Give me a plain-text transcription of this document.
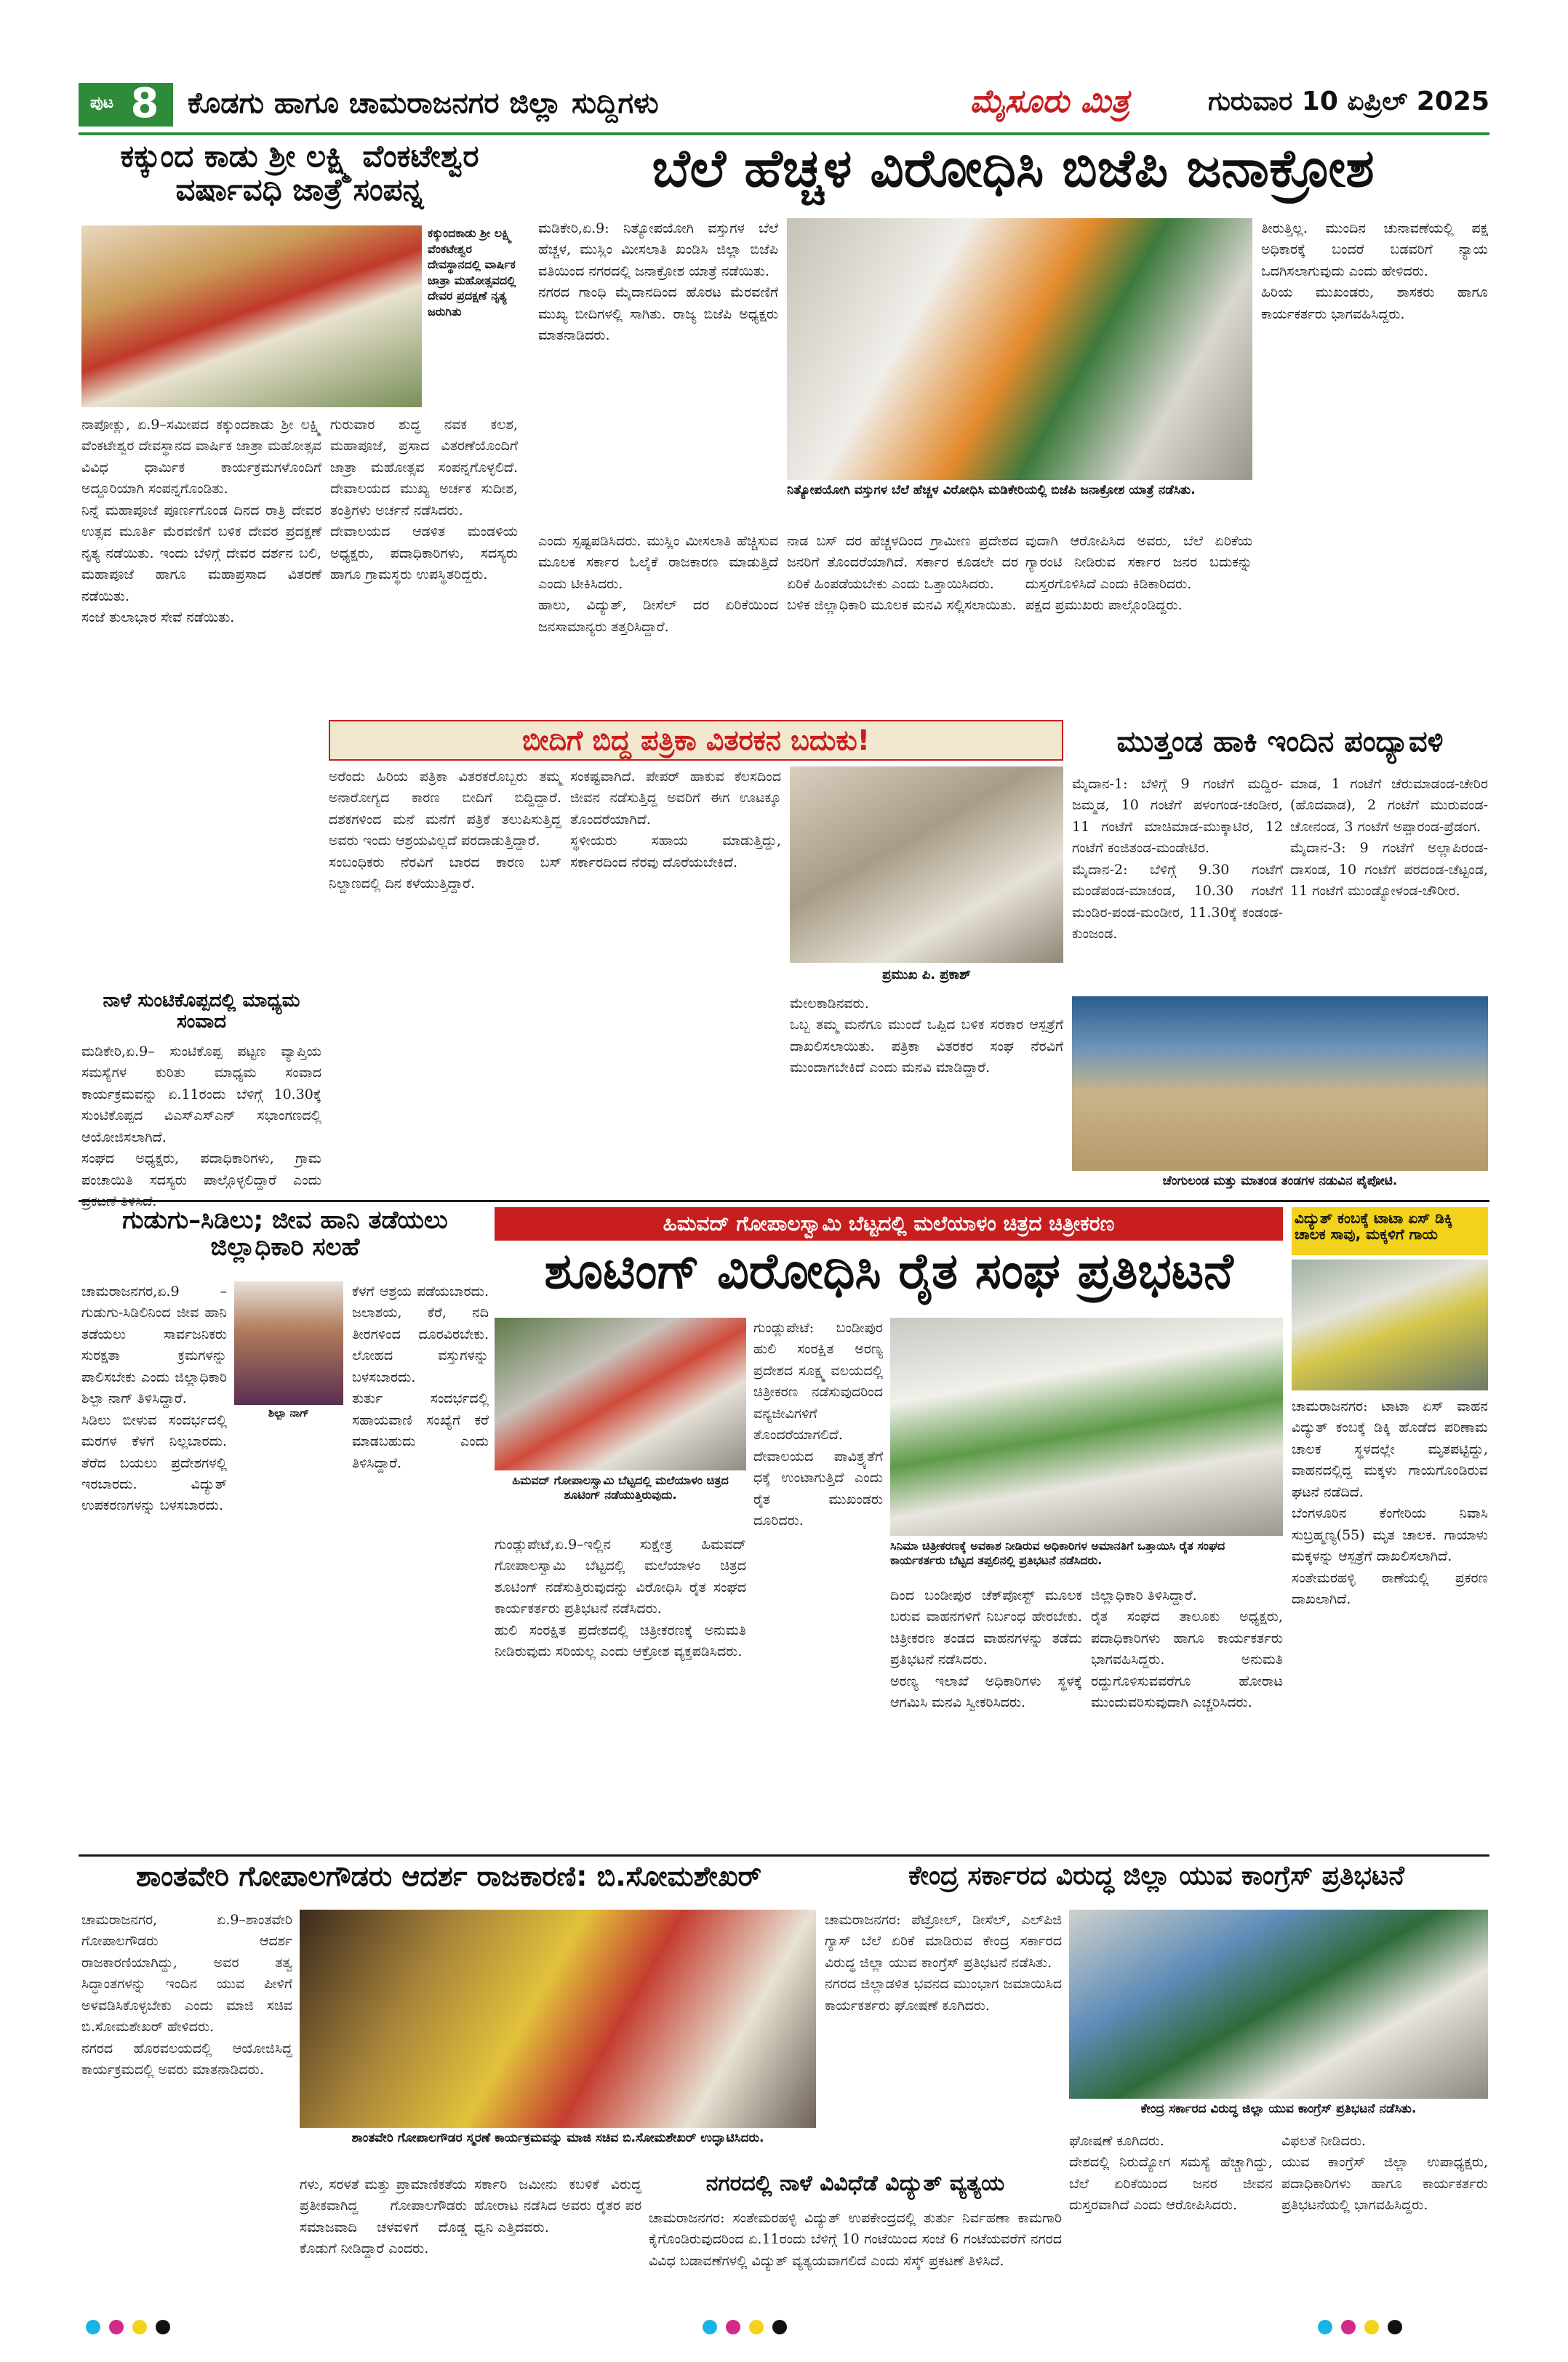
ಪುಟ 8 ಕೊಡಗು ಹಾಗೂ ಚಾಮರಾಜನಗರ ಜಿಲ್ಲಾ ಸುದ್ದಿಗಳು	ಮೈಸೂರು ಮಿತ್ರ	ಗುರುವಾರ 10 ಏಪ್ರಿಲ್ 2025
ಕಕ್ಕುಂದ ಕಾಡು ಶ್ರೀ ಲಕ್ಷ್ಮಿ ವೆಂಕಟೇಶ್ವರ ವರ್ಷಾವಧಿ ಜಾತ್ರೆ ಸಂಪನ್ನ
ಕಕ್ಕುಂದಕಾಡು ಶ್ರೀ ಲಕ್ಷ್ಮಿ ವೆಂಕಟೇಶ್ವರ ದೇವಸ್ಥಾನದಲ್ಲಿ ವಾರ್ಷಿಕ ಜಾತ್ರಾ ಮಹೋತ್ಸವದಲ್ಲಿ ದೇವರ ಪ್ರದಕ್ಷಣೆ ನೃತ್ಯ ಜರುಗಿತು
ನಾಪೋಕ್ಲು, ಏ.9–ಸಮೀಪದ ಕಕ್ಕುಂದಕಾಡು ಶ್ರೀ ಲಕ್ಷ್ಮಿ ವೆಂಕಟೇಶ್ವರ ದೇವಸ್ಥಾನದ ವಾರ್ಷಿಕ ಜಾತ್ರಾ ಮಹೋತ್ಸವ ವಿವಿಧ ಧಾರ್ಮಿಕ ಕಾರ್ಯಕ್ರಮಗಳೊಂದಿಗೆ ಅದ್ದೂರಿಯಾಗಿ ಸಂಪನ್ನಗೊಂಡಿತು.
ನಿನ್ನೆ ಮಹಾಪೂಜೆ ಪೂರ್ಣಗೊಂಡ ದಿನದ ರಾತ್ರಿ ದೇವರ ಉತ್ಸವ ಮೂರ್ತಿ ಮೆರವಣಿಗೆ ಬಳಿಕ ದೇವರ ಪ್ರದಕ್ಷಣೆ ನೃತ್ಯ ನಡೆಯಿತು. ಇಂದು ಬೆಳಿಗ್ಗೆ ದೇವರ ದರ್ಶನ ಬಲಿ, ಮಹಾಪೂಜೆ ಹಾಗೂ ಮಹಾಪ್ರಸಾದ ವಿತರಣೆ ನಡೆಯಿತು.
ಸಂಜೆ ತುಲಾಭಾರ ಸೇವೆ ನಡೆಯಿತು.
ಗುರುವಾರ ಶುದ್ಧ ನವಕ ಕಲಶ, ಮಹಾಪೂಜೆ, ಪ್ರಸಾದ ವಿತರಣೆಯೊಂದಿಗೆ ಜಾತ್ರಾ ಮಹೋತ್ಸವ ಸಂಪನ್ನಗೊಳ್ಳಲಿದೆ. ದೇವಾಲಯದ ಮುಖ್ಯ ಅರ್ಚಕ ಸುದೀಶ, ತಂತ್ರಿಗಳು ಅರ್ಚನೆ ನಡೆಸಿದರು.
ದೇವಾಲಯದ ಆಡಳಿತ ಮಂಡಳಿಯ ಅಧ್ಯಕ್ಷರು, ಪದಾಧಿಕಾರಿಗಳು, ಸದಸ್ಯರು ಹಾಗೂ ಗ್ರಾಮಸ್ಥರು ಉಪಸ್ಥಿತರಿದ್ದರು.
ಬೆಲೆ ಹೆಚ್ಚಳ ವಿರೋಧಿಸಿ ಬಿಜೆಪಿ ಜನಾಕ್ರೋಶ
ಮಡಿಕೇರಿ,ಏ.9: ನಿತ್ಯೋಪಯೋಗಿ ವಸ್ತುಗಳ ಬೆಲೆ ಹೆಚ್ಚಳ, ಮುಸ್ಲಿಂ ಮೀಸಲಾತಿ ಖಂಡಿಸಿ ಜಿಲ್ಲಾ ಬಿಜೆಪಿ ವತಿಯಿಂದ ನಗರದಲ್ಲಿ ಜನಾಕ್ರೋಶ ಯಾತ್ರೆ ನಡೆಯಿತು.
ನಗರದ ಗಾಂಧಿ ಮೈದಾನದಿಂದ ಹೊರಟ ಮೆರವಣಿಗೆ ಮುಖ್ಯ ಬೀದಿಗಳಲ್ಲಿ ಸಾಗಿತು. ರಾಜ್ಯ ಬಿಜೆಪಿ ಅಧ್ಯಕ್ಷರು ಮಾತನಾಡಿದರು.
ತೀರುತ್ತಿಲ್ಲ. ಮುಂದಿನ ಚುನಾವಣೆಯಲ್ಲಿ ಪಕ್ಷ ಅಧಿಕಾರಕ್ಕೆ ಬಂದರೆ ಬಡವರಿಗೆ ನ್ಯಾಯ ಒದಗಿಸಲಾಗುವುದು ಎಂದು ಹೇಳಿದರು.
ಹಿರಿಯ ಮುಖಂಡರು, ಶಾಸಕರು ಹಾಗೂ ಕಾರ್ಯಕರ್ತರು ಭಾಗವಹಿಸಿದ್ದರು.
ನಿತ್ಯೋಪಯೋಗಿ ವಸ್ತುಗಳ ಬೆಲೆ ಹೆಚ್ಚಳ ವಿರೋಧಿಸಿ ಮಡಿಕೇರಿಯಲ್ಲಿ ಬಿಜೆಪಿ ಜನಾಕ್ರೋಶ ಯಾತ್ರೆ ನಡೆಸಿತು.
ಎಂದು ಸ್ಪಷ್ಟಪಡಿಸಿದರು. ಮುಸ್ಲಿಂ ಮೀಸಲಾತಿ ಹೆಚ್ಚಿಸುವ ಮೂಲಕ ಸರ್ಕಾರ ಓಲೈಕೆ ರಾಜಕಾರಣ ಮಾಡುತ್ತಿದೆ ಎಂದು ಟೀಕಿಸಿದರು.
ಹಾಲು, ವಿದ್ಯುತ್, ಡೀಸೆಲ್ ದರ ಏರಿಕೆಯಿಂದ ಜನಸಾಮಾನ್ಯರು ತತ್ತರಿಸಿದ್ದಾರೆ.
ನಾಡ ಬಸ್ ದರ ಹೆಚ್ಚಳದಿಂದ ಗ್ರಾಮೀಣ ಪ್ರದೇಶದ ಜನರಿಗೆ ತೊಂದರೆಯಾಗಿದೆ. ಸರ್ಕಾರ ಕೂಡಲೇ ದರ ಏರಿಕೆ ಹಿಂಪಡೆಯಬೇಕು ಎಂದು ಒತ್ತಾಯಿಸಿದರು.
ಬಳಿಕ ಜಿಲ್ಲಾಧಿಕಾರಿ ಮೂಲಕ ಮನವಿ ಸಲ್ಲಿಸಲಾಯಿತು.
ವುದಾಗಿ ಆರೋಪಿಸಿದ ಅವರು, ಬೆಲೆ ಏರಿಕೆಯ ಗ್ಯಾರಂಟಿ ನೀಡಿರುವ ಸರ್ಕಾರ ಜನರ ಬದುಕನ್ನು ದುಸ್ತರಗೊಳಿಸಿದೆ ಎಂದು ಕಿಡಿಕಾರಿದರು.
ಪಕ್ಷದ ಪ್ರಮುಖರು ಪಾಲ್ಗೊಂಡಿದ್ದರು.
ಬೀದಿಗೆ ಬಿದ್ದ ಪತ್ರಿಕಾ ವಿತರಕನ ಬದುಕು!
ಅರೆಂದು ಹಿರಿಯ ಪತ್ರಿಕಾ ವಿತರಕರೊಬ್ಬರು ತಮ್ಮ ಅನಾರೋಗ್ಯದ ಕಾರಣ ಬೀದಿಗೆ ಬಿದ್ದಿದ್ದಾರೆ. ದಶಕಗಳಿಂದ ಮನೆ ಮನೆಗೆ ಪತ್ರಿಕೆ ತಲುಪಿಸುತ್ತಿದ್ದ ಅವರು ಇಂದು ಆಶ್ರಯವಿಲ್ಲದೆ ಪರದಾಡುತ್ತಿದ್ದಾರೆ.
ಸಂಬಂಧಿಕರು ನೆರವಿಗೆ ಬಾರದ ಕಾರಣ ಬಸ್ ನಿಲ್ದಾಣದಲ್ಲಿ ದಿನ ಕಳೆಯುತ್ತಿದ್ದಾರೆ.
ಸಂಕಷ್ಟವಾಗಿದೆ. ಪೇಪರ್ ಹಾಕುವ ಕೆಲಸದಿಂದ ಜೀವನ ನಡೆಸುತ್ತಿದ್ದ ಅವರಿಗೆ ಈಗ ಊಟಕ್ಕೂ ತೊಂದರೆಯಾಗಿದೆ.
ಸ್ಥಳೀಯರು ಸಹಾಯ ಮಾಡುತ್ತಿದ್ದು, ಸರ್ಕಾರದಿಂದ ನೆರವು ದೊರೆಯಬೇಕಿದೆ.
ಪ್ರಮುಖ ಪಿ. ಪ್ರಕಾಶ್
ಮೇಲಕಾಡಿನವರು.
ಒಬ್ಬ ತಮ್ಮ ಮನೆಗೂ ಮುಂದೆ ಒಪ್ಪಿದ ಬಳಿಕ ಸರಕಾರ ಆಸ್ಪತ್ರೆಗೆ ದಾಖಲಿಸಲಾಯಿತು. ಪತ್ರಿಕಾ ವಿತರಕರ ಸಂಘ ನೆರವಿಗೆ ಮುಂದಾಗಬೇಕಿದೆ ಎಂದು ಮನವಿ ಮಾಡಿದ್ದಾರೆ.
ನಾಳೆ ಸುಂಟಿಕೊಪ್ಪದಲ್ಲಿ ಮಾಧ್ಯಮ ಸಂವಾದ
ಮಡಿಕೇರಿ,ಏ.9– ಸುಂಟಿಕೊಪ್ಪ ಪಟ್ಟಣ ವ್ಯಾಪ್ತಿಯ ಸಮಸ್ಯೆಗಳ ಕುರಿತು ಮಾಧ್ಯಮ ಸಂವಾದ ಕಾರ್ಯಕ್ರಮವನ್ನು ಏ.11ರಂದು ಬೆಳಿಗ್ಗೆ 10.30ಕ್ಕೆ ಸುಂಟಿಕೊಪ್ಪದ ವಿಎಸ್‌ಎಸ್‌ಎನ್ ಸಭಾಂಗಣದಲ್ಲಿ ಆಯೋಜಿಸಲಾಗಿದೆ.
ಸಂಘದ ಅಧ್ಯಕ್ಷರು, ಪದಾಧಿಕಾರಿಗಳು, ಗ್ರಾಮ ಪಂಚಾಯಿತಿ ಸದಸ್ಯರು ಪಾಲ್ಗೊಳ್ಳಲಿದ್ದಾರೆ ಎಂದು
ಮುತ್ತಂಡ ಹಾಕಿ ಇಂದಿನ ಪಂದ್ಯಾವಳಿ
ಮೈದಾನ-1: ಬೆಳಿಗ್ಗೆ 9 ಗಂಟೆಗೆ ಮದ್ದಿರ-ಜಮ್ಮಡ, 10 ಗಂಟೆಗೆ ಪಳಂಗಂಡ-ಚಂಡೀರ, 11 ಗಂಟೆಗೆ ಮಾಚಿಮಾಡ-ಮುಕ್ಕಾಟಿರ, 12 ಗಂಟೆಗೆ ಕಂಜಿತಂಡ-ಮಂಡೇಟಿರ.
ಮೈದಾನ-2: ಬೆಳಿಗ್ಗೆ 9.30 ಗಂಟೆಗೆ ಮಂಡೆಪಂಡ-ಮಾಚಂಡ, 10.30 ಗಂಟೆಗೆ ಮಂಡಿರ-ಪಂಡ-ಮಂಡೀರ, 11.30ಕ್ಕೆ ಕಂಡಂಡ-ಕುಂಜಂಡ.
ಮಾಡ, 1 ಗಂಟೆಗೆ ಚೆರುಮಾಡಂಡ-ಚೇರಿರ (ಹೊದವಾಡ), 2 ಗಂಟೆಗೆ ಮುರುವಂಡ-ಚೋನಂಡ, 3 ಗಂಟೆಗೆ ಅಪ್ಪಾರಂಡ-ಪ್ರೆಡಂಗ.
ಮೈದಾನ-3: 9 ಗಂಟೆಗೆ ಅಲ್ಲಾಪಿರಂಡ-ದಾಸಂಡ, 10 ಗಂಟೆಗೆ ಪರದಂಡ-ಚೆಟ್ಟಂಡ, 11 ಗಂಟೆಗೆ ಮುಂಡ್ಯೋಳಂಡ-ಚೌರೀರ.
ಚೆಂಗುಲಂಡ ಮತ್ತು ಮಾತಂಡ ತಂಡಗಳ ನಡುವಿನ ಪೈಪೋಟಿ.
ಗುಡುಗು–ಸಿಡಿಲು; ಜೀವ ಹಾನಿ ತಡೆಯಲು ಜಿಲ್ಲಾಧಿಕಾರಿ ಸಲಹೆ
ಶಿಲ್ಪಾ ನಾಗ್
ಚಾಮರಾಜನಗರ,ಏ.9 – ಗುಡುಗು-ಸಿಡಿಲಿನಿಂದ ಜೀವ ಹಾನಿ ತಡೆಯಲು ಸಾರ್ವಜನಿಕರು ಸುರಕ್ಷತಾ ಕ್ರಮಗಳನ್ನು ಪಾಲಿಸಬೇಕು ಎಂದು ಜಿಲ್ಲಾಧಿಕಾರಿ ಶಿಲ್ಪಾ ನಾಗ್ ತಿಳಿಸಿದ್ದಾರೆ.
ಸಿಡಿಲು ಬೀಳುವ ಸಂದರ್ಭದಲ್ಲಿ ಮರಗಳ ಕೆಳಗೆ ನಿಲ್ಲಬಾರದು. ತೆರೆದ ಬಯಲು ಪ್ರದೇಶಗಳಲ್ಲಿ ಇರಬಾರದು. ವಿದ್ಯುತ್ ಉಪಕರಣಗಳನ್ನು ಬಳಸಬಾರದು.
ಕೆಳಗೆ ಆಶ್ರಯ ಪಡೆಯಬಾರದು. ಜಲಾಶಯ, ಕೆರೆ, ನದಿ ತೀರಗಳಿಂದ ದೂರವಿರಬೇಕು. ಲೋಹದ ವಸ್ತುಗಳನ್ನು ಬಳಸಬಾರದು.
ತುರ್ತು ಸಂದರ್ಭದಲ್ಲಿ ಸಹಾಯವಾಣಿ ಸಂಖ್ಯೆಗೆ ಕರೆ ಮಾಡಬಹುದು ಎಂದು ತಿಳಿಸಿದ್ದಾರೆ.
ಹಿಮವದ್ ಗೋಪಾಲಸ್ವಾಮಿ ಬೆಟ್ಟದಲ್ಲಿ ಮಲೆಯಾಳಂ ಚಿತ್ರದ ಚಿತ್ರೀಕರಣ
ಶೂಟಿಂಗ್ ವಿರೋಧಿಸಿ ರೈತ ಸಂಘ ಪ್ರತಿಭಟನೆ
ಹಿಮವದ್ ಗೋಪಾಲಸ್ವಾಮಿ ಬೆಟ್ಟದಲ್ಲಿ ಮಲೆಯಾಳಂ ಚಿತ್ರದ ಶೂಟಿಂಗ್ ನಡೆಯುತ್ತಿರುವುದು.
ಗುಂಡ್ಲುಪೇಟೆ,ಏ.9–ಇಲ್ಲಿನ ಸುಕ್ಷೇತ್ರ ಹಿಮವದ್ ಗೋಪಾಲಸ್ವಾಮಿ ಬೆಟ್ಟದಲ್ಲಿ ಮಲೆಯಾಳಂ ಚಿತ್ರದ ಶೂಟಿಂಗ್ ನಡೆಸುತ್ತಿರುವುದನ್ನು ವಿರೋಧಿಸಿ ರೈತ ಸಂಘದ ಕಾರ್ಯಕರ್ತರು ಪ್ರತಿಭಟನೆ ನಡೆಸಿದರು.
ಹುಲಿ ಸಂರಕ್ಷಿತ ಪ್ರದೇಶದಲ್ಲಿ ಚಿತ್ರೀಕರಣಕ್ಕೆ ಅನುಮತಿ ನೀಡಿರುವುದು ಸರಿಯಲ್ಲ ಎಂದು ಆಕ್ರೋಶ ವ್ಯಕ್ತಪಡಿಸಿದರು.
ಗುಂಡ್ಲುಪೇಟೆ: ಬಂಡೀಪುರ ಹುಲಿ ಸಂರಕ್ಷಿತ ಅರಣ್ಯ ಪ್ರದೇಶದ ಸೂಕ್ಷ್ಮ ವಲಯದಲ್ಲಿ ಚಿತ್ರೀಕರಣ ನಡೆಸುವುದರಿಂದ ವನ್ಯಜೀವಿಗಳಿಗೆ ತೊಂದರೆಯಾಗಲಿದೆ.
ದೇವಾಲಯದ ಪಾವಿತ್ರ್ಯತೆಗೆ ಧಕ್ಕೆ ಉಂಟಾಗುತ್ತಿದೆ ಎಂದು ರೈತ ಮುಖಂಡರು ದೂರಿದರು.
ಸಿನಿಮಾ ಚಿತ್ರೀಕರಣಕ್ಕೆ ಅವಕಾಶ ನೀಡಿರುವ ಅಧಿಕಾರಿಗಳ ಅಮಾನತಿಗೆ ಒತ್ತಾಯಿಸಿ ರೈತ ಸಂಘದ ಕಾರ್ಯಕರ್ತರು ಬೆಟ್ಟದ ತಪ್ಪಲಿನಲ್ಲಿ ಪ್ರತಿಭಟನೆ ನಡೆಸಿದರು.
ದಿಂದ ಬಂಡೀಪುರ ಚೆಕ್‌ಪೋಸ್ಟ್ ಮೂಲಕ ಬರುವ ವಾಹನಗಳಿಗೆ ನಿರ್ಬಂಧ ಹೇರಬೇಕು. ಚಿತ್ರೀಕರಣ ತಂಡದ ವಾಹನಗಳನ್ನು ತಡೆದು ಪ್ರತಿಭಟನೆ ನಡೆಸಿದರು.
ಅರಣ್ಯ ಇಲಾಖೆ ಅಧಿಕಾರಿಗಳು ಸ್ಥಳಕ್ಕೆ ಆಗಮಿಸಿ ಮನವಿ ಸ್ವೀಕರಿಸಿದರು.
ಜಿಲ್ಲಾಧಿಕಾರಿ ತಿಳಿಸಿದ್ದಾರೆ.
ರೈತ ಸಂಘದ ತಾಲೂಕು ಅಧ್ಯಕ್ಷರು, ಪದಾಧಿಕಾರಿಗಳು ಹಾಗೂ ಕಾರ್ಯಕರ್ತರು ಭಾಗವಹಿಸಿದ್ದರು. ಅನುಮತಿ ರದ್ದುಗೊಳಿಸುವವರೆಗೂ ಹೋರಾಟ ಮುಂದುವರಿಸುವುದಾಗಿ ಎಚ್ಚರಿಸಿದರು.
ವಿದ್ಯುತ್ ಕಂಬಕ್ಕೆ ಟಾಟಾ ಏಸ್ ಡಿಕ್ಕಿ ಚಾಲಕ ಸಾವು, ಮಕ್ಕಳಿಗೆ ಗಾಯ
ಚಾಮರಾಜನಗರ: ಟಾಟಾ ಏಸ್ ವಾಹನ ವಿದ್ಯುತ್ ಕಂಬಕ್ಕೆ ಡಿಕ್ಕಿ ಹೊಡೆದ ಪರಿಣಾಮ ಚಾಲಕ ಸ್ಥಳದಲ್ಲೇ ಮೃತಪಟ್ಟಿದ್ದು, ವಾಹನದಲ್ಲಿದ್ದ ಮಕ್ಕಳು ಗಾಯಗೊಂಡಿರುವ ಘಟನೆ ನಡೆದಿದೆ.
ಬೆಂಗಳೂರಿನ ಕೆಂಗೇರಿಯ ನಿವಾಸಿ ಸುಬ್ರಹ್ಮಣ್ಯ(55) ಮೃತ ಚಾಲಕ. ಗಾಯಾಳು ಮಕ್ಕಳನ್ನು ಆಸ್ಪತ್ರೆಗೆ ದಾಖಲಿಸಲಾಗಿದೆ.
ಸಂತೇಮರಹಳ್ಳಿ ಠಾಣೆಯಲ್ಲಿ ಪ್ರಕರಣ ದಾಖಲಾಗಿದೆ.
ಶಾಂತವೇರಿ ಗೋಪಾಲಗೌಡರು ಆದರ್ಶ ರಾಜಕಾರಣಿ: ಬಿ.ಸೋಮಶೇಖರ್
ಚಾಮರಾಜನಗರ, ಏ.9–ಶಾಂತವೇರಿ ಗೋಪಾಲಗೌಡರು ಆದರ್ಶ ರಾಜಕಾರಣಿಯಾಗಿದ್ದು, ಅವರ ತತ್ವ ಸಿದ್ಧಾಂತಗಳನ್ನು ಇಂದಿನ ಯುವ ಪೀಳಿಗೆ ಅಳವಡಿಸಿಕೊಳ್ಳಬೇಕು ಎಂದು ಮಾಜಿ ಸಚಿವ ಬಿ.ಸೋಮಶೇಖರ್ ಹೇಳಿದರು.
ನಗರದ ಹೊರವಲಯದಲ್ಲಿ ಆಯೋಜಿಸಿದ್ದ ಕಾರ್ಯಕ್ರಮದಲ್ಲಿ ಅವರು ಮಾತನಾಡಿದರು.
ಶಾಂತವೇರಿ ಗೋಪಾಲಗೌಡರ ಸ್ಮರಣೆ ಕಾರ್ಯಕ್ರಮವನ್ನು ಮಾಜಿ ಸಚಿವ ಬಿ.ಸೋಮಶೇಖರ್ ಉದ್ಘಾಟಿಸಿದರು.
ಗಳು, ಸರಳತೆ ಮತ್ತು ಪ್ರಾಮಾಣಿಕತೆಯ ಪ್ರತೀಕವಾಗಿದ್ದ ಗೋಪಾಲಗೌಡರು ಸಮಾಜವಾದಿ ಚಳವಳಿಗೆ ದೊಡ್ಡ ಕೊಡುಗೆ ನೀಡಿದ್ದಾರೆ ಎಂದರು.
ಸರ್ಕಾರಿ ಜಮೀನು ಕಬಳಿಕೆ ವಿರುದ್ಧ ಹೋರಾಟ ನಡೆಸಿದ ಅವರು ರೈತರ ಪರ ಧ್ವನಿ ಎತ್ತಿದವರು.
ಕೇಂದ್ರ ಸರ್ಕಾರದ ವಿರುದ್ಧ ಜಿಲ್ಲಾ ಯುವ ಕಾಂಗ್ರೆಸ್ ಪ್ರತಿಭಟನೆ
ಚಾಮರಾಜನಗರ: ಪೆಟ್ರೋಲ್, ಡೀಸೆಲ್, ಎಲ್‌ಪಿಜಿ ಗ್ಯಾಸ್ ಬೆಲೆ ಏರಿಕೆ ಮಾಡಿರುವ ಕೇಂದ್ರ ಸರ್ಕಾರದ ವಿರುದ್ಧ ಜಿಲ್ಲಾ ಯುವ ಕಾಂಗ್ರೆಸ್ ಪ್ರತಿಭಟನೆ ನಡೆಸಿತು.
ನಗರದ ಜಿಲ್ಲಾಡಳಿತ ಭವನದ ಮುಂಭಾಗ ಜಮಾಯಿಸಿದ ಕಾರ್ಯಕರ್ತರು ಘೋಷಣೆ ಕೂಗಿದರು.
ಕೇಂದ್ರ ಸರ್ಕಾರದ ವಿರುದ್ಧ ಜಿಲ್ಲಾ ಯುವ ಕಾಂಗ್ರೆಸ್ ಪ್ರತಿಭಟನೆ ನಡೆಸಿತು.
ಘೋಷಣೆ ಕೂಗಿದರು.
ದೇಶದಲ್ಲಿ ನಿರುದ್ಯೋಗ ಸಮಸ್ಯೆ ಹೆಚ್ಚಾಗಿದ್ದು, ಬೆಲೆ ಏರಿಕೆಯಿಂದ ಜನರ ಜೀವನ ದುಸ್ತರವಾಗಿದೆ ಎಂದು ಆರೋಪಿಸಿದರು.
ವಿಫಲತೆ ನೀಡಿದರು.
ಯುವ ಕಾಂಗ್ರೆಸ್ ಜಿಲ್ಲಾ ಉಪಾಧ್ಯಕ್ಷರು, ಪದಾಧಿಕಾರಿಗಳು ಹಾಗೂ ಕಾರ್ಯಕರ್ತರು ಪ್ರತಿಭಟನೆಯಲ್ಲಿ ಭಾಗವಹಿಸಿದ್ದರು.
ನಗರದಲ್ಲಿ ನಾಳೆ ವಿವಿಧೆಡೆ ವಿದ್ಯುತ್ ವ್ಯತ್ಯಯ
ಚಾಮರಾಜನಗರ: ಸಂತೇಮರಹಳ್ಳಿ ವಿದ್ಯುತ್ ಉಪಕೇಂದ್ರದಲ್ಲಿ ತುರ್ತು ನಿರ್ವಹಣಾ ಕಾಮಗಾರಿ ಕೈಗೊಂಡಿರುವುದರಿಂದ ಏ.11ರಂದು ಬೆಳಿಗ್ಗೆ 10 ಗಂಟೆಯಿಂದ ಸಂಜೆ 6 ಗಂಟೆಯವರೆಗೆ ನಗರದ ವಿವಿಧ ಬಡಾವಣೆಗಳಲ್ಲಿ ವಿದ್ಯುತ್ ವ್ಯತ್ಯಯವಾಗಲಿದೆ ಎಂದು ಸೆಸ್ಕ್ ಪ್ರಕಟಣೆ ತಿಳಿಸಿದೆ.
